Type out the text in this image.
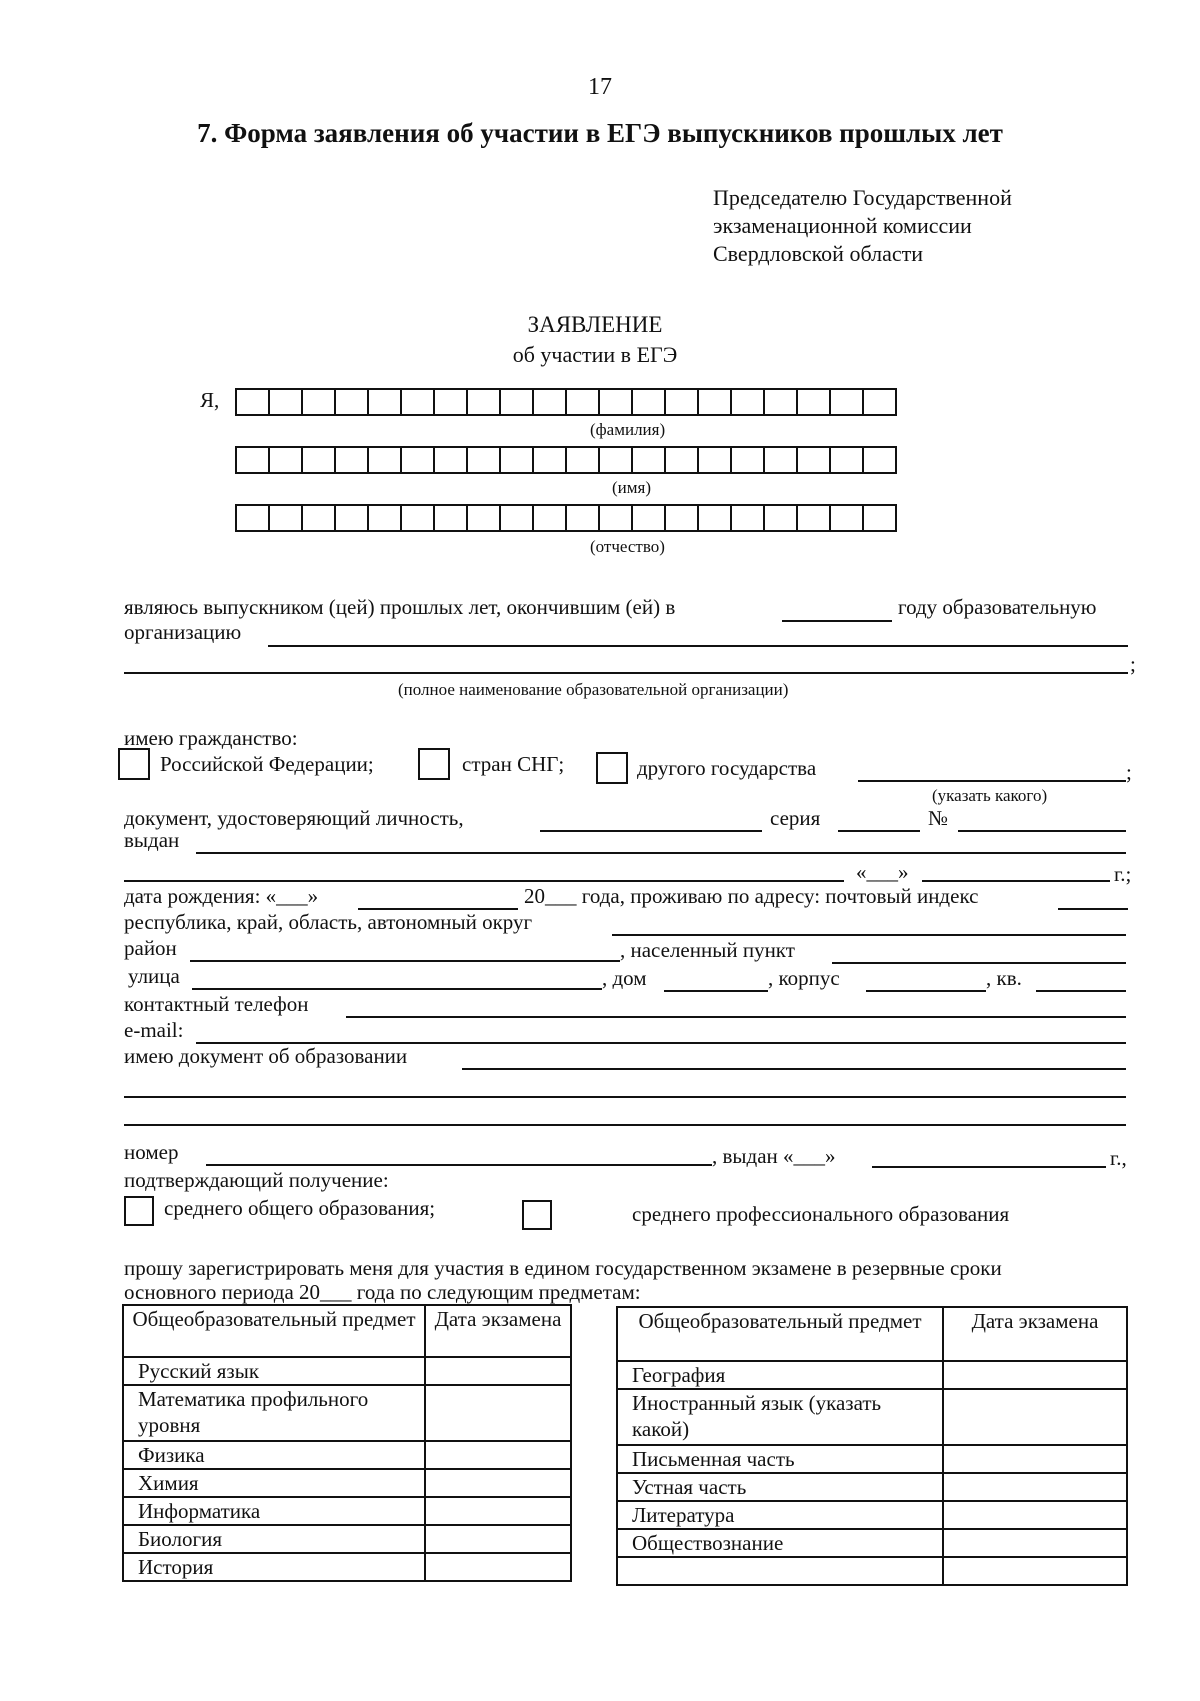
17
7. Форма заявления об участии в ЕГЭ выпускников прошлых лет
Председателю Государственной
экзаменационной комиссии
Свердловской области
ЗАЯВЛЕНИЕ
об участии в ЕГЭ
Я,
(фамилия)
(имя)
(отчество)
являюсь выпускником (цей) прошлых лет, окончившим (ей) в	году образовательную
организацию
;
(полное наименование образовательной организации)
имею гражданство:
Российской Федерации;	стран СНГ;	другого государства	;
(указать какого)
документ, удостоверяющий личность,	серия	№
выдан
«___»	г.;
дата рождения: «___»	20___ года, проживаю по адресу: почтовый индекс
республика, край, область, автономный округ
район	, населенный пункт
улица	, дом	, корпус	, кв.
контактный телефон
e-mail:
имею документ об образовании
номер	, выдан «___»	г.,
подтверждающий получение:
среднего общего образования;	среднего профессионального образования
прошу зарегистрировать меня для участия в едином государственном экзамене в резервные сроки
основного периода 20___ года по следующим предметам:
Общеобразовательный предмет	Дата экзамена
Русский язык	
Математика профильного уровня	
Физика	
Химия	
Информатика	
Биология	
История	
Общеобразовательный предмет	Дата экзамена
География	
Иностранный язык (указать какой)	
Письменная часть	
Устная часть	
Литература	
Обществознание	
